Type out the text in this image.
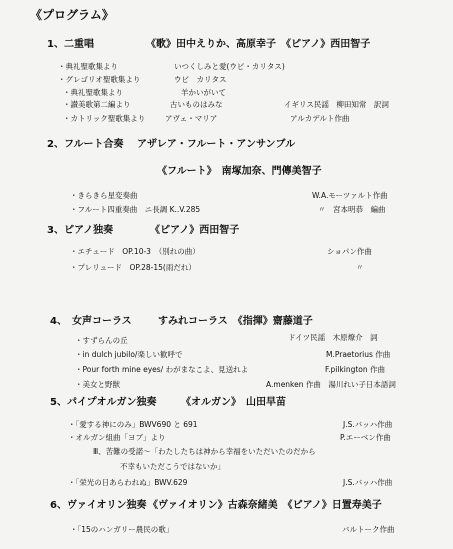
《プログラム》
1、二重唱	《歌》田中えりか、高原幸子　《ピアノ》西田智子
・典礼聖歌集より	いつくしみと愛(ウビ・カリタス)
・グレゴリオ聖歌集より	ウビ　カリタス
・典礼聖歌集より	羊かいがいて
・讃美歌第二編より	古いものはみな	イギリス民謡　柳田知常　訳詞
・カトリック聖歌集より	アヴェ・マリア	アルカデルト作曲
2、フルート合奏 アザレア・フルート・アンサンブル
《フルート》　南塚加奈、門傳美智子
・きらきら星変奏曲	W.A.モーツァルト作曲
・フルート四重奏曲　ニ長調 K..V.285	〃　宮本明恭　編曲
3、ピアノ独奏	《ピアノ》西田智子
・エチュード　OP.10-3　（別れの曲）	ショパン作曲
・プレリュード　OP.28-15(雨だれ）	〃
4、　女声コーラス	すみれコーラス　《指揮》齋藤道子
・すずらんの丘	ドイツ民謡　木原燎介　詞
・in dulch jubilo/楽しい歓呼で	M.Praetorius 作曲
・Pour forth mine eyes/ わがまなこよ、見送れよ	F.pilkington 作曲
・美女と野獣	A.menken 作曲　湯川れい子日本語詞
5、パイプオルガン独奏 《オルガン》　山田早苗
・「愛する神にのみ」BWV690 と 691	J.S.バッハ作曲
・オルガン組曲「ヨブ」より	P.エーベン作曲
Ⅲ、苦難の受諾～「わたしたちは神から幸福をいただいたのだから
不幸もいただこうではないか」
・「栄光の日あらわれぬ」BWV.629	J.S.バッハ作曲
6、ヴァイオリン独奏 《ヴァイオリン》古森奈緒美　《ピアノ》日置寿美子
・「15のハンガリー農民の歌」	バルトーク作曲
